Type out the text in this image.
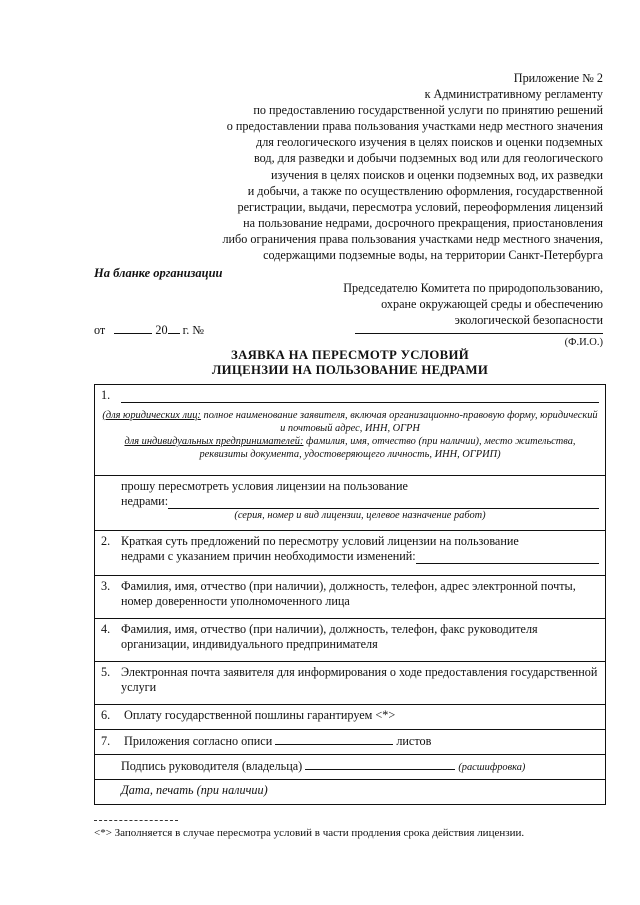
Приложение № 2
к Административному регламенту
по предоставлению государственной услуги по принятию решений
о предоставлении права пользования участками недр местного значения
для геологического изучения в целях поисков и оценки подземных
вод, для разведки и добычи подземных вод или для геологического
изучения в целях поисков и оценки подземных вод, их разведки
и добычи, а также по осуществлению оформления, государственной
регистрации, выдачи, пересмотра условий, переоформления лицензий
на пользование недрами, досрочного прекращения, приостановления
либо ограничения права пользования участками недр местного значения,
содержащими подземные воды, на территории Санкт-Петербурга
На бланке организации
Председателю Комитета по природопользованию,
охране окружающей среды и обеспечению
экологической безопасности
от	20 г. №
(Ф.И.О.)
ЗАЯВКА НА ПЕРЕСМОТР УСЛОВИЙ
ЛИЦЕНЗИИ НА ПОЛЬЗОВАНИЕ НЕДРАМИ
1.
(для юридических лиц: полное наименование заявителя, включая организационно-правовую форму, юридический и почтовый адрес, ИНН, ОГРН
для индивидуальных предпринимателей: фамилия, имя, отчество (при наличии), место жительства, реквизиты документа, удостоверяющего личность, ИНН, ОГРИП)

прошу пересмотреть условия лицензии на пользование
недрами:
(серия, номер и вид лицензии, целевое назначение работ)

2. Краткая суть предложений по пересмотру условий лицензии на пользование
недрами с указанием причин необходимости изменений:

3. Фамилия, имя, отчество (при наличии), должность, телефон, адрес электронной почты, номер доверенности уполномоченного лица

4. Фамилия, имя, отчество (при наличии), должность, телефон, факс руководителя организации, индивидуального предпринимателя

5. Электронная почта заявителя для информирования о ходе предоставления государственной услуги

6. Оплату государственной пошлины гарантируем <*>
7. Приложения согласно описи	листов
Подпись руководителя (владельца)	(расшифровка)
Дата, печать (при наличии)
<*> Заполняется в случае пересмотра условий в части продления срока действия лицензии.
